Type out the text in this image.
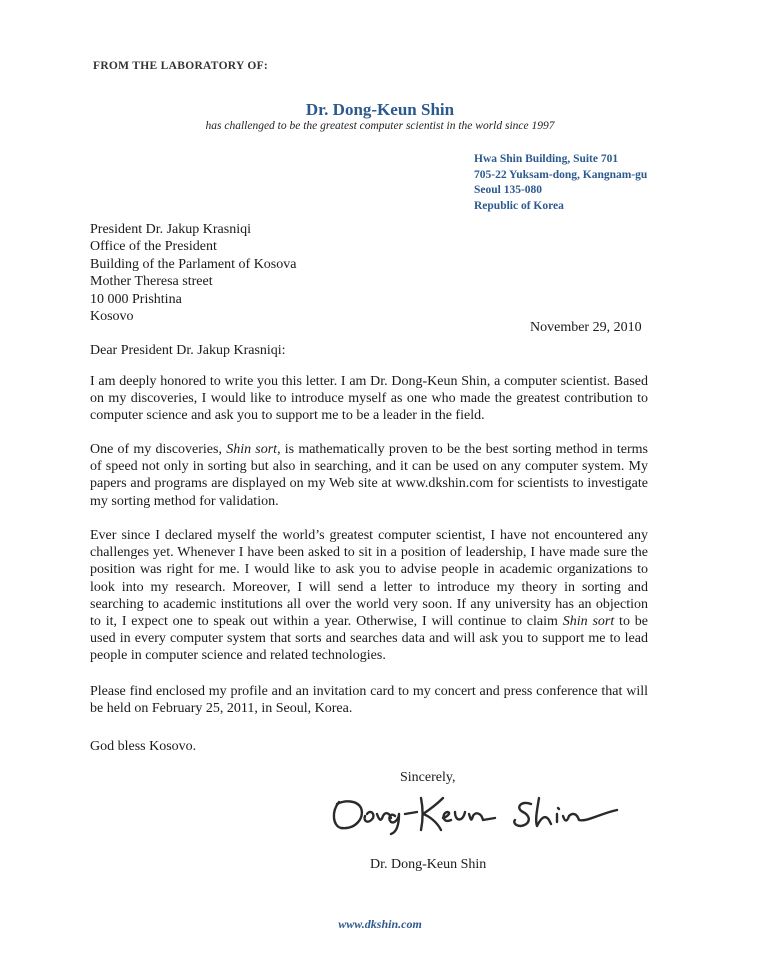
FROM THE LABORATORY OF:
Dr. Dong-Keun Shin
has challenged to be the greatest computer scientist in the world since 1997
Hwa Shin Building, Suite 701
705-22 Yuksam-dong, Kangnam-gu
Seoul 135-080
Republic of Korea
President Dr. Jakup Krasniqi
Office of the President
Building of the Parlament of Kosova
Mother Theresa street
10 000 Prishtina
Kosovo
November 29, 2010
Dear President Dr. Jakup Krasniqi:

I am deeply honored to write you this letter. I am Dr. Dong-Keun Shin, a computer scientist. Based on my discoveries, I would like to introduce myself as one who made the greatest contribution to computer science and ask you to support me to be a leader in the field.

One of my discoveries, Shin sort, is mathematically proven to be the best sorting method in terms of speed not only in sorting but also in searching, and it can be used on any computer system. My papers and programs are displayed on my Web site at www.dkshin.com for scientists to investigate my sorting method for validation.

Ever since I declared myself the world’s greatest computer scientist, I have not encountered any challenges yet. Whenever I have been asked to sit in a position of leadership, I have made sure the position was right for me. I would like to ask you to advise people in academic organizations to look into my research. Moreover, I will send a letter to introduce my theory in sorting and searching to academic institutions all over the world very soon. If any university has an objection to it, I expect one to speak out within a year. Otherwise, I will continue to claim Shin sort to be used in every computer system that sorts and searches data and will ask you to support me to lead people in computer science and related technologies.

Please find enclosed my profile and an invitation card to my concert and press conference that will be held on February 25, 2011, in Seoul, Korea.

God bless Kosovo.

Sincerely,
Dr. Dong-Keun Shin
www.dkshin.com
